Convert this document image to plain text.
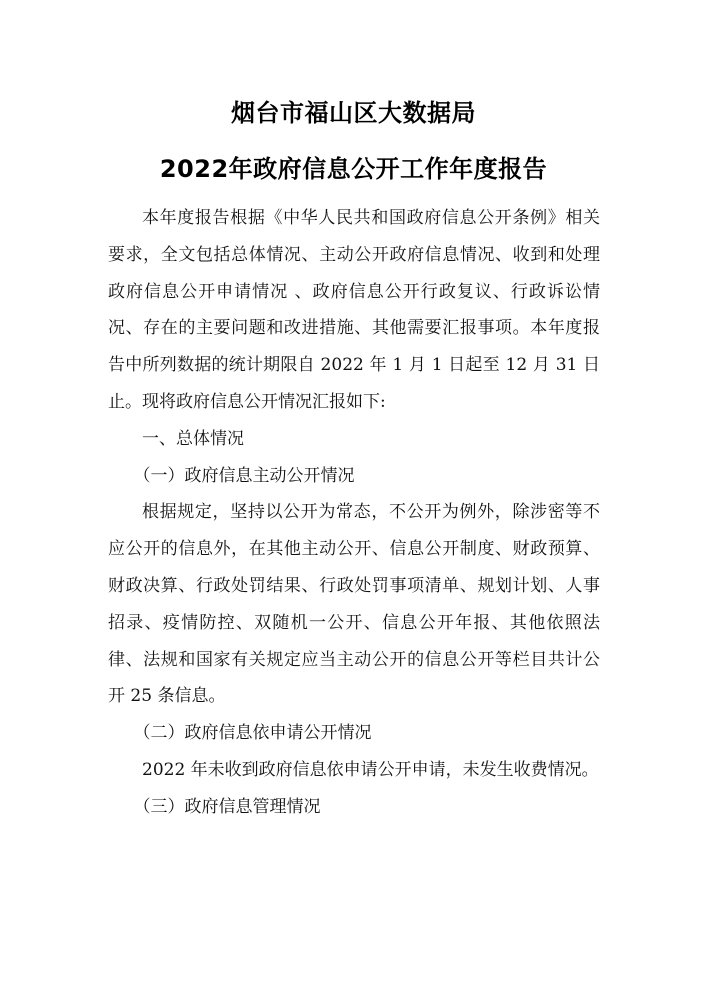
烟台市福山区大数据局
2022年政府信息公开工作年度报告

本年度报告根据《中华人民共和国政府信息公开条例》相关要求，全文包括总体情况、主动公开政府信息情况、收到和处理政府信息公开申请情况 、政府信息公开行政复议、行政诉讼情况、存在的主要问题和改进措施、其他需要汇报事项。本年度报告中所列数据的统计期限自 2022 年 1 月 1 日起至 12 月 31 日止。现将政府信息公开情况汇报如下:

一、总体情况

（一）政府信息主动公开情况

根据规定，坚持以公开为常态，不公开为例外，除涉密等不应公开的信息外，在其他主动公开、信息公开制度、财政预算、财政决算、行政处罚结果、行政处罚事项清单、规划计划、人事招录、疫情防控、双随机一公开、信息公开年报、其他依照法律、法规和国家有关规定应当主动公开的信息公开等栏目共计公开 25 条信息。

（二）政府信息依申请公开情况

2022 年未收到政府信息依申请公开申请，未发生收费情况。

（三）政府信息管理情况
